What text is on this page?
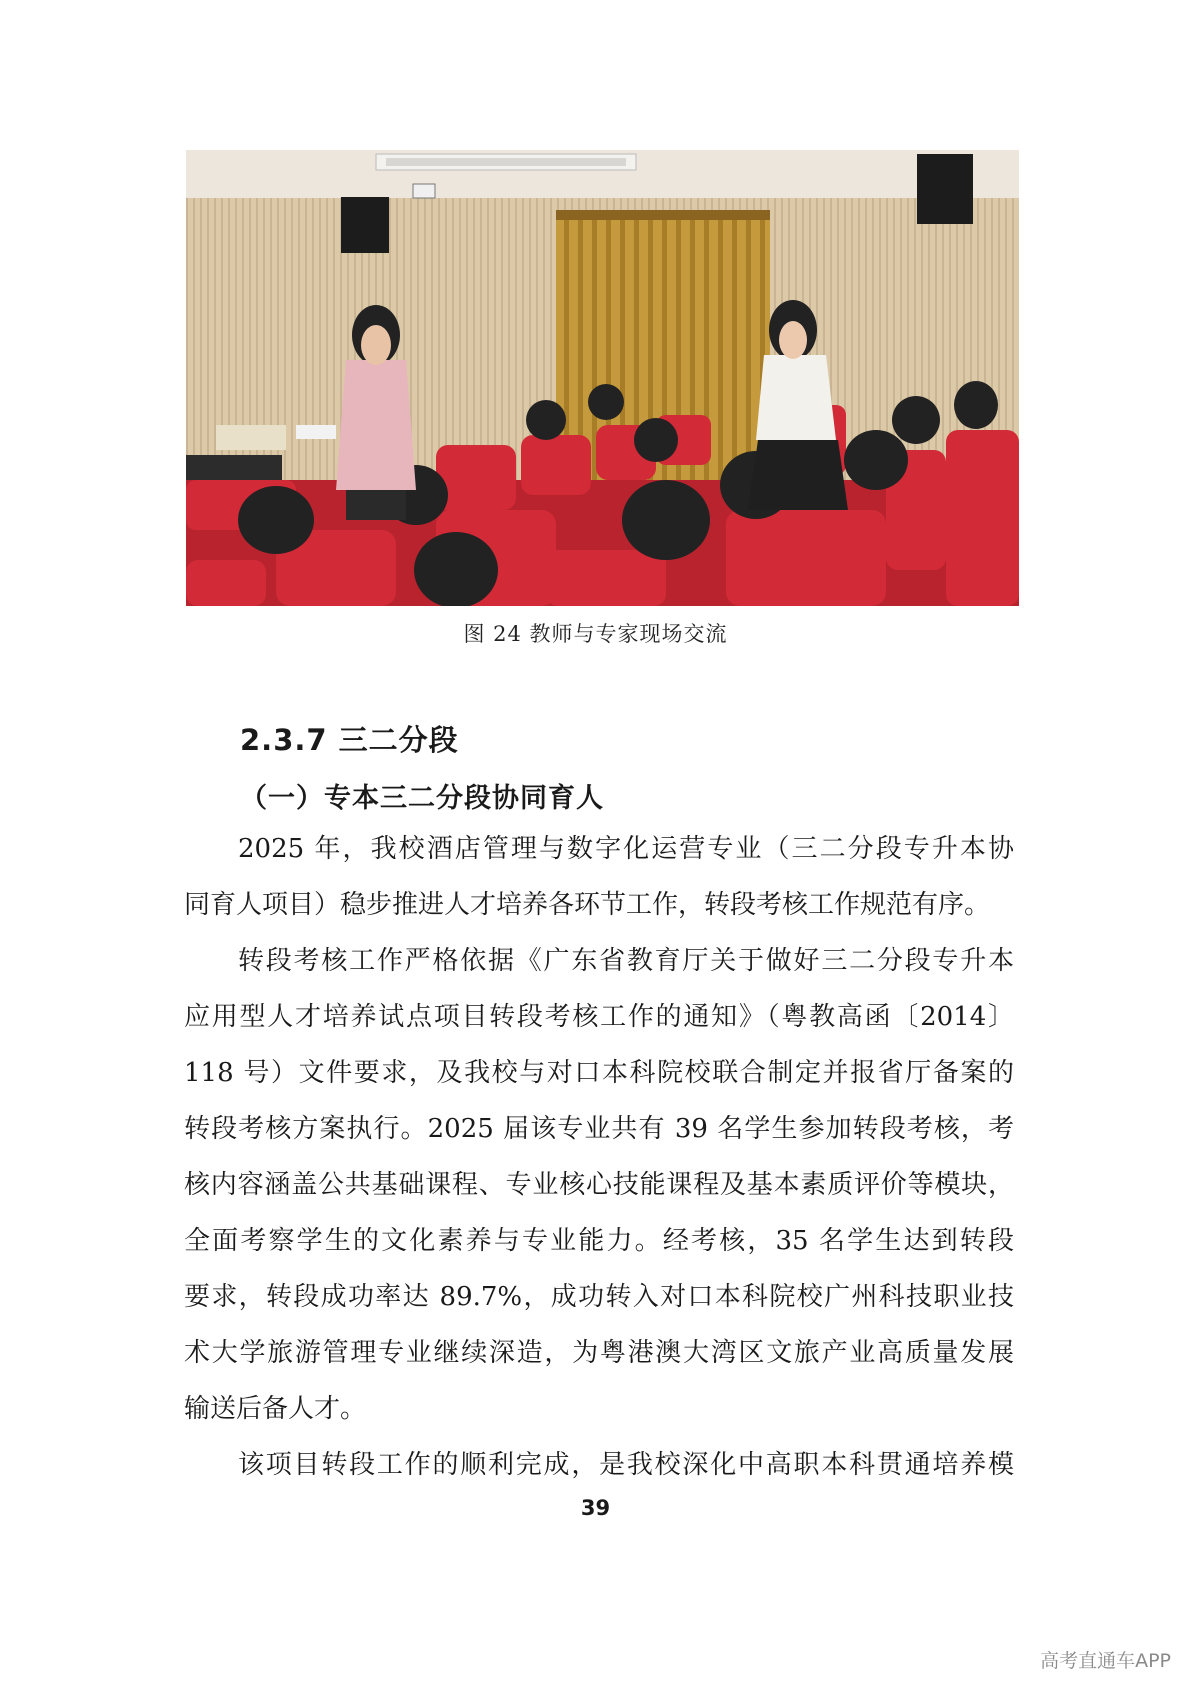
图 24 教师与专家现场交流
2.3.7 三二分段
（一）专本三二分段协同育人
2025 年，我校酒店管理与数字化运营专业（三二分段专升本协
同育人项目）稳步推进人才培养各环节工作，转段考核工作规范有序。
转段考核工作严格依据《广东省教育厅关于做好三二分段专升本
应用型人才培养试点项目转段考核工作的通知》（粤教高函〔2014〕
118 号）文件要求，及我校与对口本科院校联合制定并报省厅备案的
转段考核方案执行。2025 届该专业共有 39 名学生参加转段考核，考
核内容涵盖公共基础课程、专业核心技能课程及基本素质评价等模块，
全面考察学生的文化素养与专业能力。经考核，35 名学生达到转段
要求，转段成功率达 89.7%，成功转入对口本科院校广州科技职业技
术大学旅游管理专业继续深造，为粤港澳大湾区文旅产业高质量发展
输送后备人才。
该项目转段工作的顺利完成，是我校深化中高职本科贯通培养模
39
高考直通车APP
